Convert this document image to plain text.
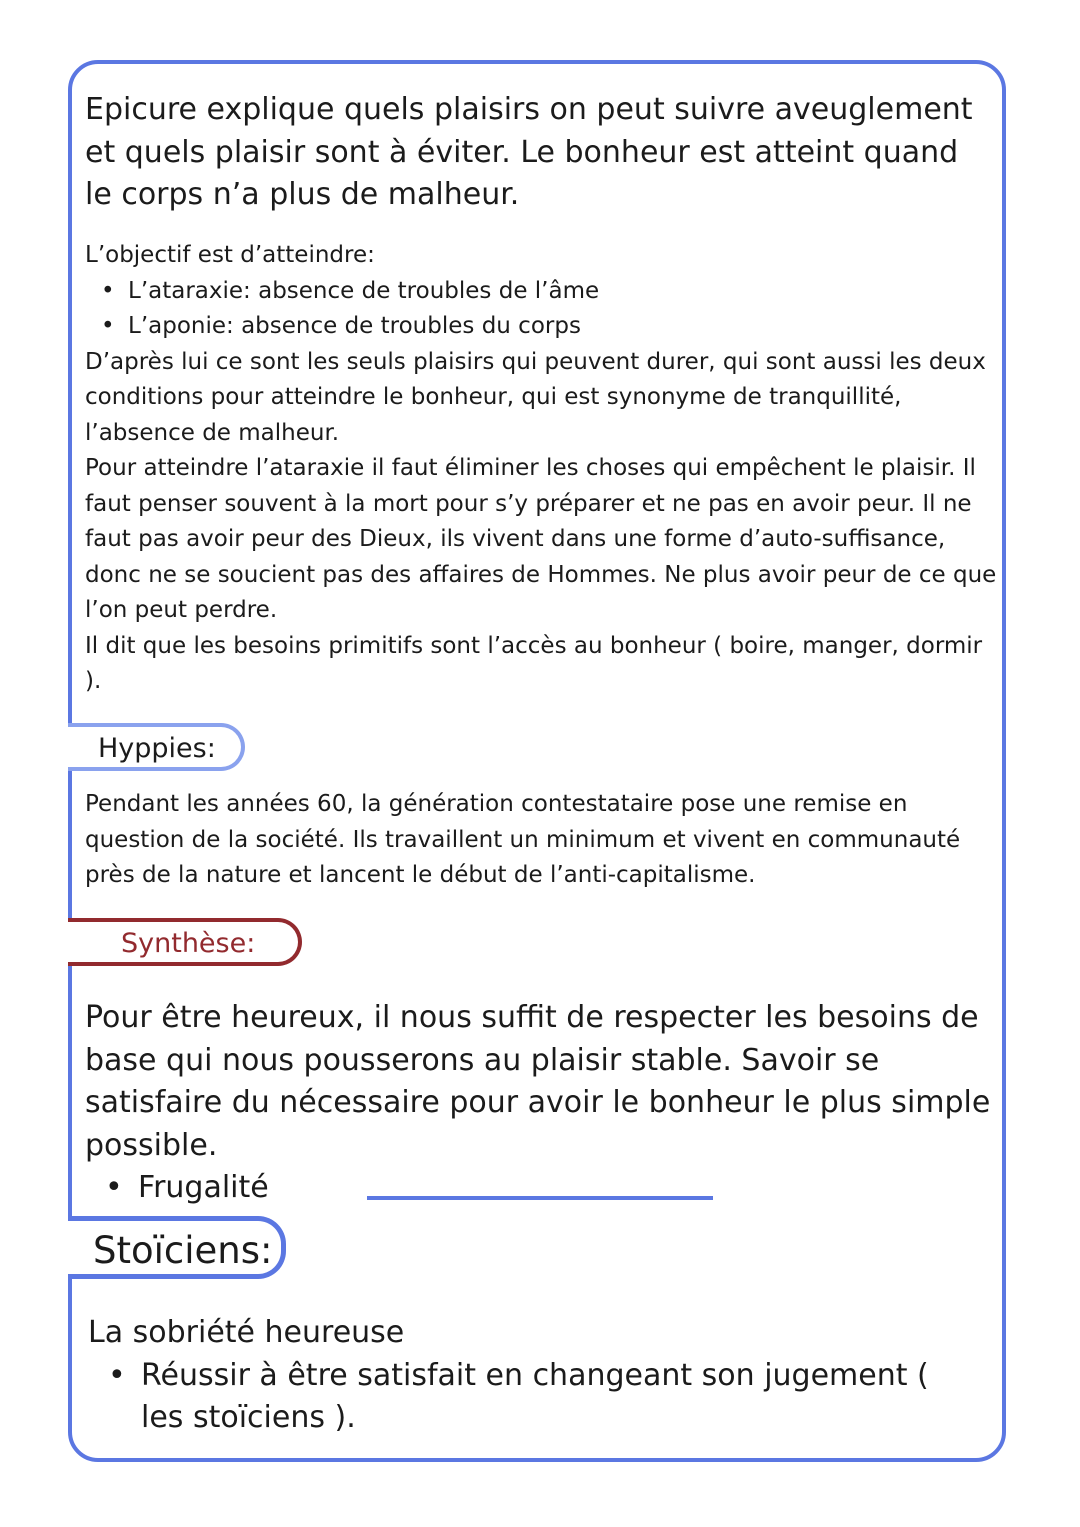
Epicure explique quels plaisirs on peut suivre aveuglement et quels plaisir sont à éviter. Le bonheur est atteint quand le corps n’a plus de malheur.

L’objectif est d’atteindre:
• L’ataraxie: absence de troubles de l’âme
• L’aponie: absence de troubles du corps
D’après lui ce sont les seuls plaisirs qui peuvent durer, qui sont aussi les deux conditions pour atteindre le bonheur, qui est synonyme de tranquillité, l’absence de malheur.
Pour atteindre l’ataraxie il faut éliminer les choses qui empêchent le plaisir. Il faut penser souvent à la mort pour s’y préparer et ne pas en avoir peur. Il ne faut pas avoir peur des Dieux, ils vivent dans une forme d’auto-suffisance, donc ne se soucient pas des affaires de Hommes. Ne plus avoir peur de ce que l’on peut perdre.
Il dit que les besoins primitifs sont l’accès au bonheur ( boire, manger, dormir ).
Hyppies:
Pendant les années 60, la génération contestataire pose une remise en question de la société. Ils travaillent un minimum et vivent en communauté près de la nature et lancent le début de l’anti-capitalisme.
Synthèse:
Pour être heureux, il nous suffit de respecter les besoins de base qui nous pousserons au plaisir stable. Savoir se satisfaire du nécessaire pour avoir le bonheur le plus simple possible.
• Frugalité
Stoïciens:
La sobriété heureuse
• Réussir à être satisfait en changeant son jugement ( les stoïciens ).
